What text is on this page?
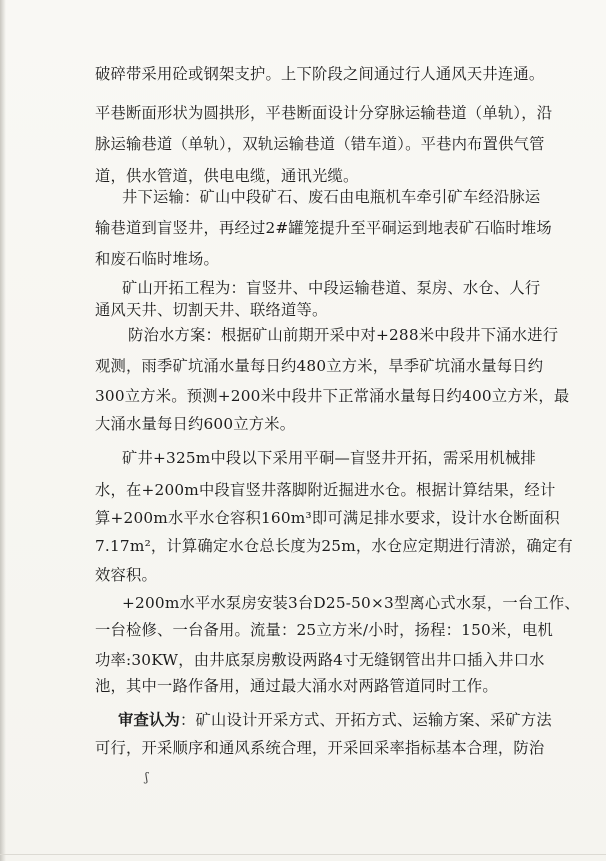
破碎带采用砼或钢架支护。上下阶段之间通过行人通风天井连通。
平巷断面形状为圆拱形，平巷断面设计分穿脉运输巷道（单轨），沿
脉运输巷道（单轨），双轨运输巷道（错车道）。平巷内布置供气管
道，供水管道，供电电缆，通讯光缆。
井下运输：矿山中段矿石、废石由电瓶机车牵引矿车经沿脉运
输巷道到盲竖井，再经过2#罐笼提升至平硐运到地表矿石临时堆场
和废石临时堆场。
矿山开拓工程为：盲竖井、中段运输巷道、泵房、水仓、人行
通风天井、切割天井、联络道等。
防治水方案：根据矿山前期开采中对+288米中段井下涌水进行
观测，雨季矿坑涌水量每日约480立方米，旱季矿坑涌水量每日约
300立方米。预测+200米中段井下正常涌水量每日约400立方米，最
大涌水量每日约600立方米。
矿井+325m中段以下采用平硐—盲竖井开拓，需采用机械排
水，在+200m中段盲竖井落脚附近掘进水仓。根据计算结果，经计
算+200m水平水仓容积160m³即可满足排水要求，设计水仓断面积
7.17m²，计算确定水仓总长度为25m，水仓应定期进行清淤，确定有
效容积。
+200m水平水泵房安装3台D25-50×3型离心式水泵，一台工作、
一台检修、一台备用。流量：25立方米/小时，扬程：150米，电机
功率:30KW，由井底泵房敷设两路4寸无缝钢管出井口插入井口水
池，其中一路作备用，通过最大涌水对两路管道同时工作。
审查认为：矿山设计开采方式、开拓方式、运输方案、采矿方法
可行，开采顺序和通风系统合理，开采回采率指标基本合理，防治
ʃ
